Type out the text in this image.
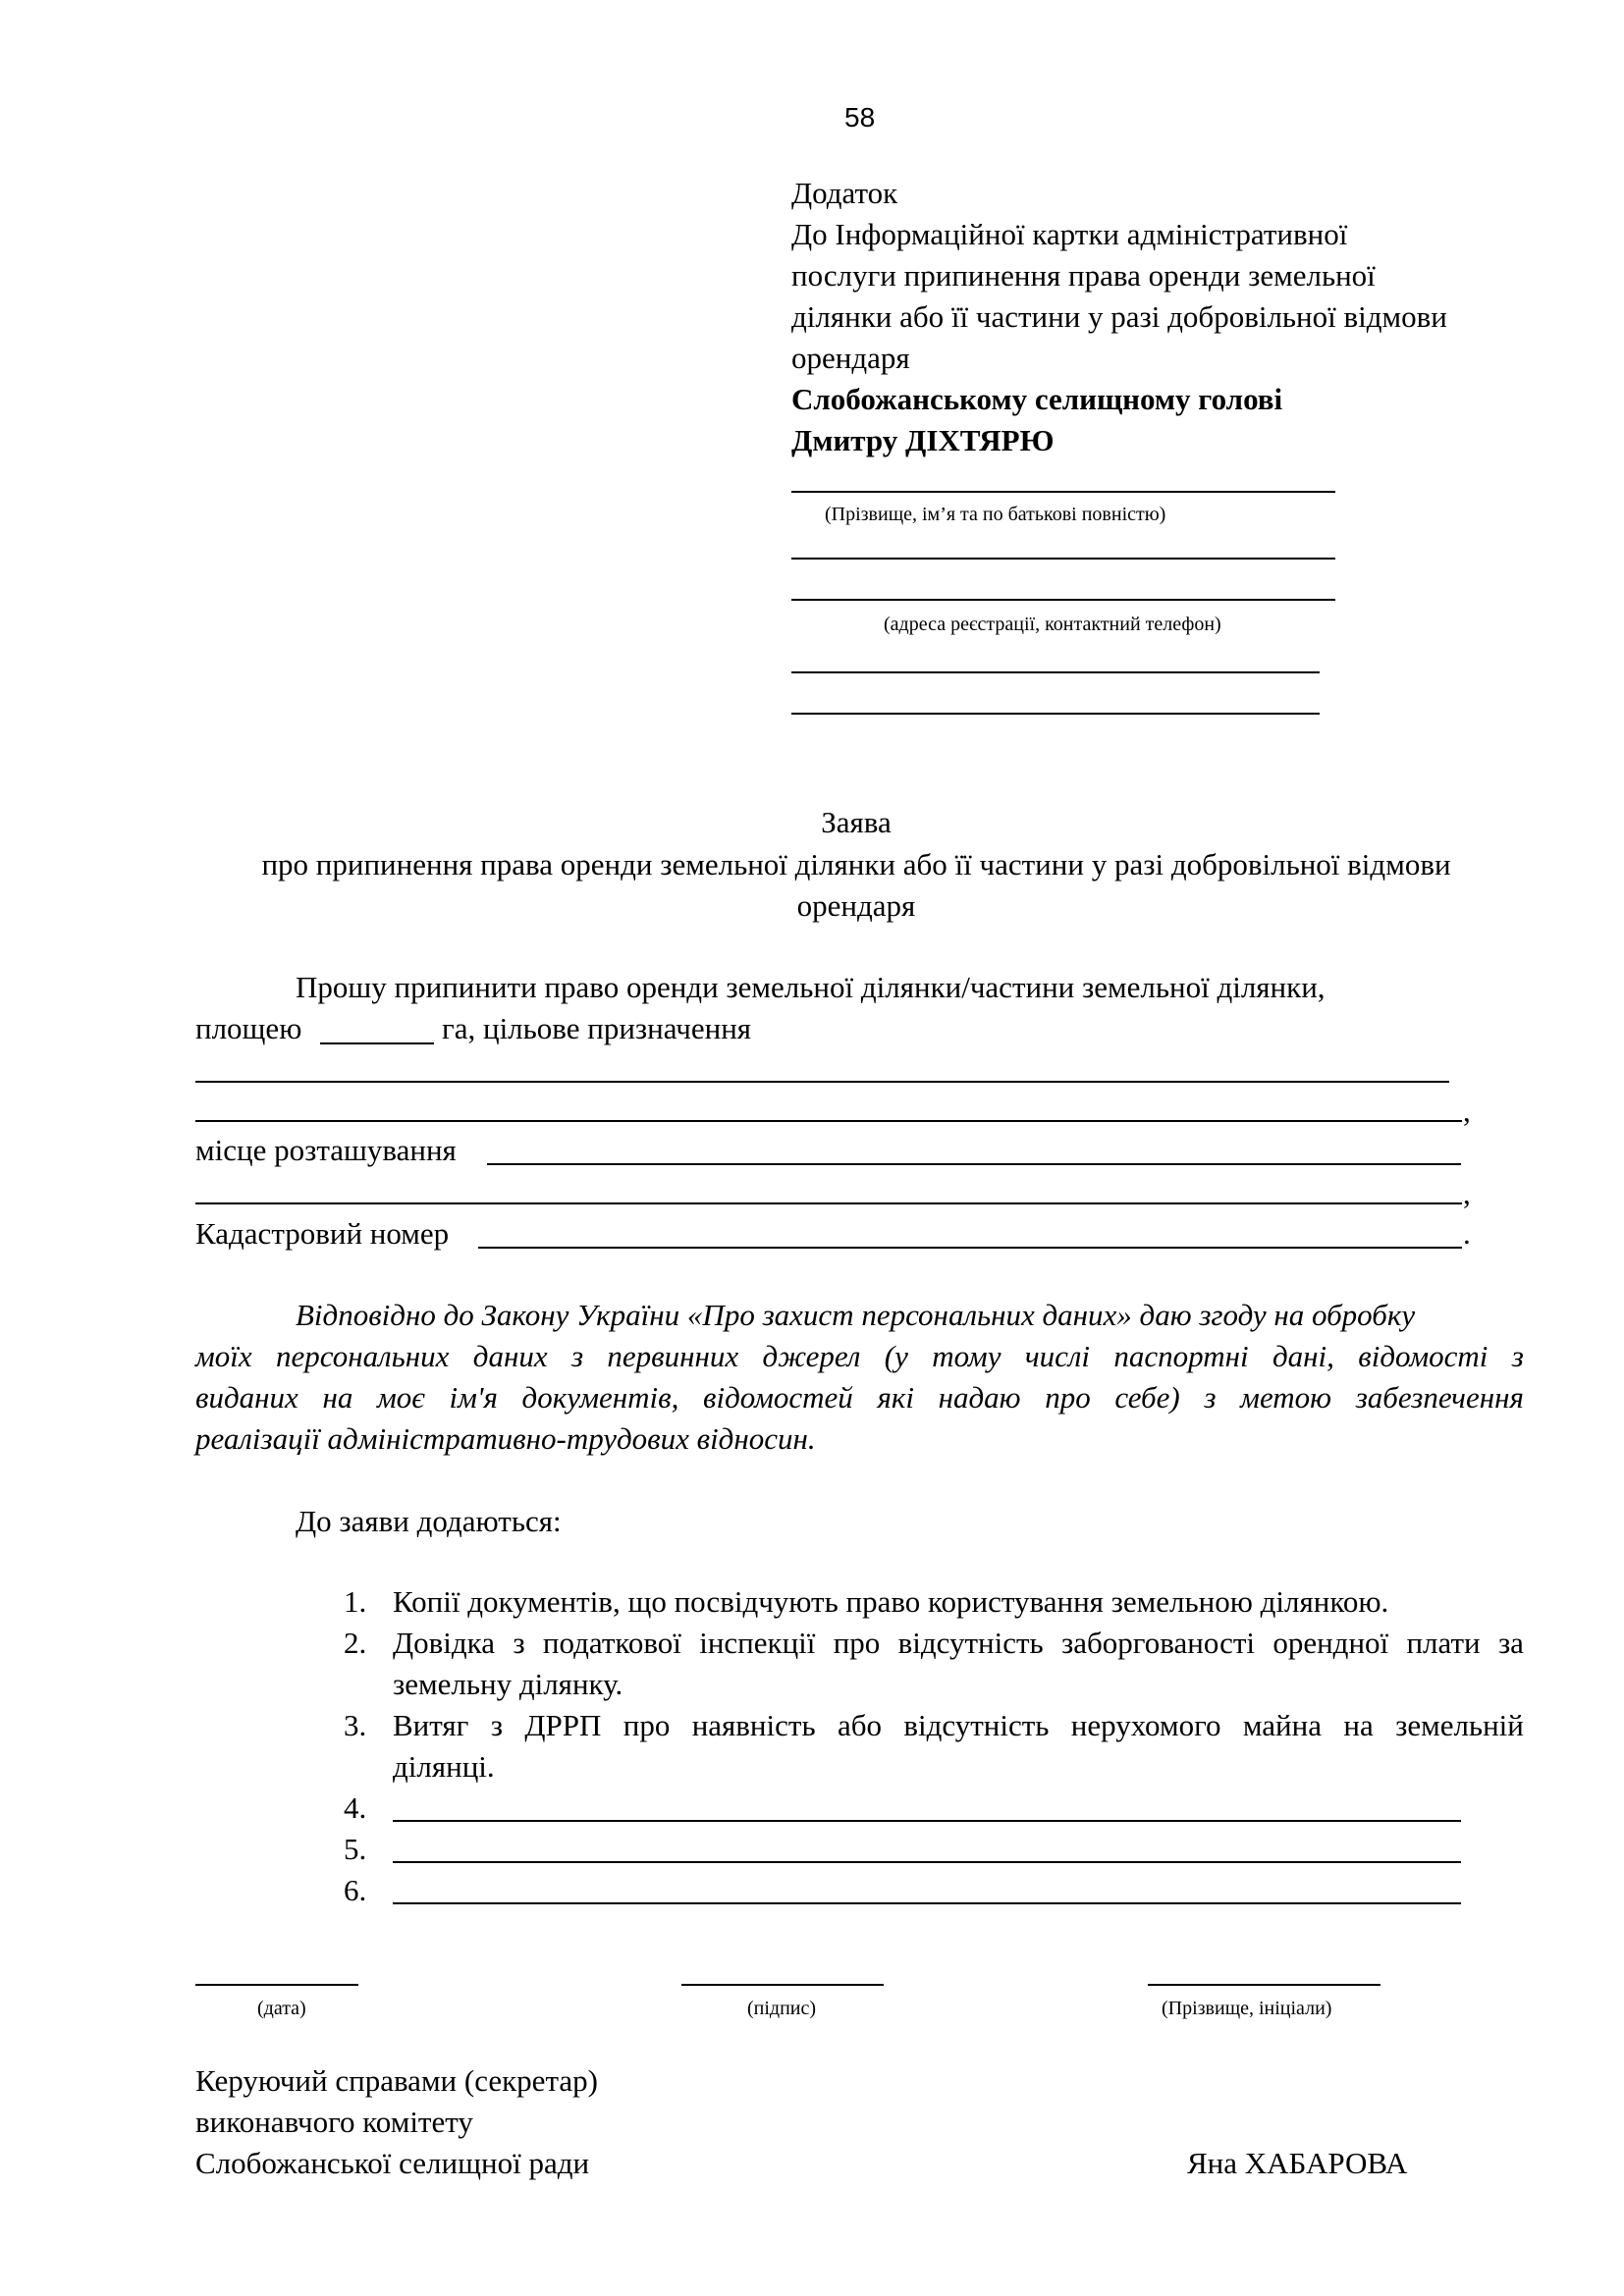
58
Додаток
До Інформаційної картки адміністративної
послуги припинення права оренди земельної
ділянки або її частини у разі добровільної відмови
орендаря
Слобожанському селищному голові
Дмитру ДІХТЯРЮ
(Прізвище, ім’я та по батькові повністю)
(адреса реєстрації, контактний телефон)
Заява
про припинення права оренди земельної ділянки або її частини у разі добровільної відмови
орендаря
Прошу припинити право оренди земельної ділянки/частини земельної ділянки,
площею	га, цільове призначення
,
місце розташування
,
Кадастровий номер	.
Відповідно до Закону України «Про захист персональних даних» даю згоду на обробку
моїх персональних даних з первинних джерел (у тому числі паспортні дані, відомості з
виданих на моє ім'я документів, відомостей які надаю про себе) з метою забезпечення
реалізації адміністративно-трудових відносин.
До заяви додаються:
1. Копії документів, що посвідчують право користування земельною ділянкою.
2. Довідка з податкової інспекції про відсутність заборгованості орендної плати за
земельну ділянку.
3. Витяг з ДРРП про наявність або відсутність нерухомого майна на земельній
ділянці.
4.
5.
6.
(дата)	(підпис)	(Прізвище, ініціали)
Керуючий справами (секретар)
виконавчого комітету
Слобожанської селищної ради	Яна ХАБАРОВА
